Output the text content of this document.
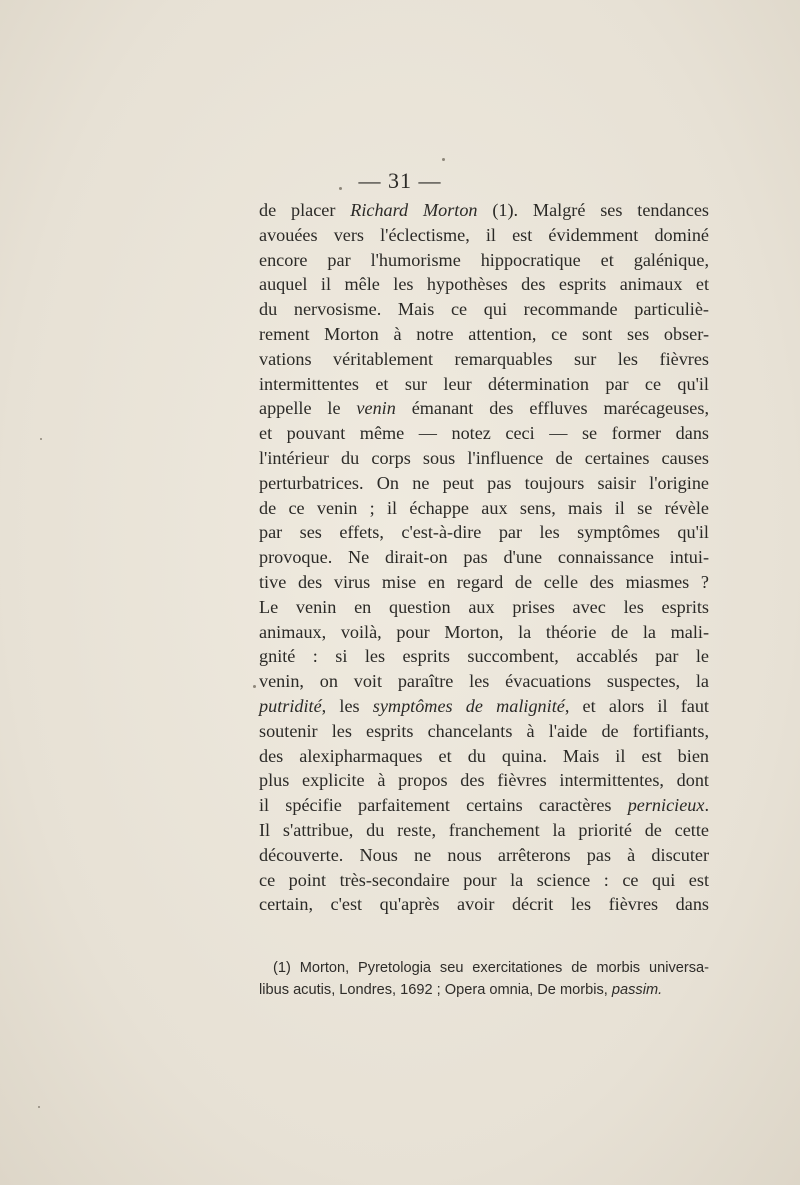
— 31 —
de placer Richard Morton (1). Malgré ses tendances
avouées vers l'éclectisme, il est évidemment dominé
encore par l'humorisme hippocratique et galénique,
auquel il mêle les hypothèses des esprits animaux et
du nervosisme. Mais ce qui recommande particuliè-
rement Morton à notre attention, ce sont ses obser-
vations véritablement remarquables sur les fièvres
intermittentes et sur leur détermination par ce qu'il
appelle le venin émanant des effluves marécageuses,
et pouvant même — notez ceci — se former dans
l'intérieur du corps sous l'influence de certaines causes
perturbatrices. On ne peut pas toujours saisir l'origine
de ce venin ; il échappe aux sens, mais il se révèle
par ses effets, c'est-à-dire par les symptômes qu'il
provoque. Ne dirait-on pas d'une connaissance intui-
tive des virus mise en regard de celle des miasmes ?
Le venin en question aux prises avec les esprits
animaux, voilà, pour Morton, la théorie de la mali-
gnité : si les esprits succombent, accablés par le
venin, on voit paraître les évacuations suspectes, la
putridité, les symptômes de malignité, et alors il faut
soutenir les esprits chancelants à l'aide de fortifiants,
des alexipharmaques et du quina. Mais il est bien
plus explicite à propos des fièvres intermittentes, dont
il spécifie parfaitement certains caractères pernicieux.
Il s'attribue, du reste, franchement la priorité de cette
découverte. Nous ne nous arrêterons pas à discuter
ce point très-secondaire pour la science : ce qui est
certain, c'est qu'après avoir décrit les fièvres dans
(1) Morton, Pyretologia seu exercitationes de morbis universa-
libus acutis, Londres, 1692 ; Opera omnia, De morbis, passim.
